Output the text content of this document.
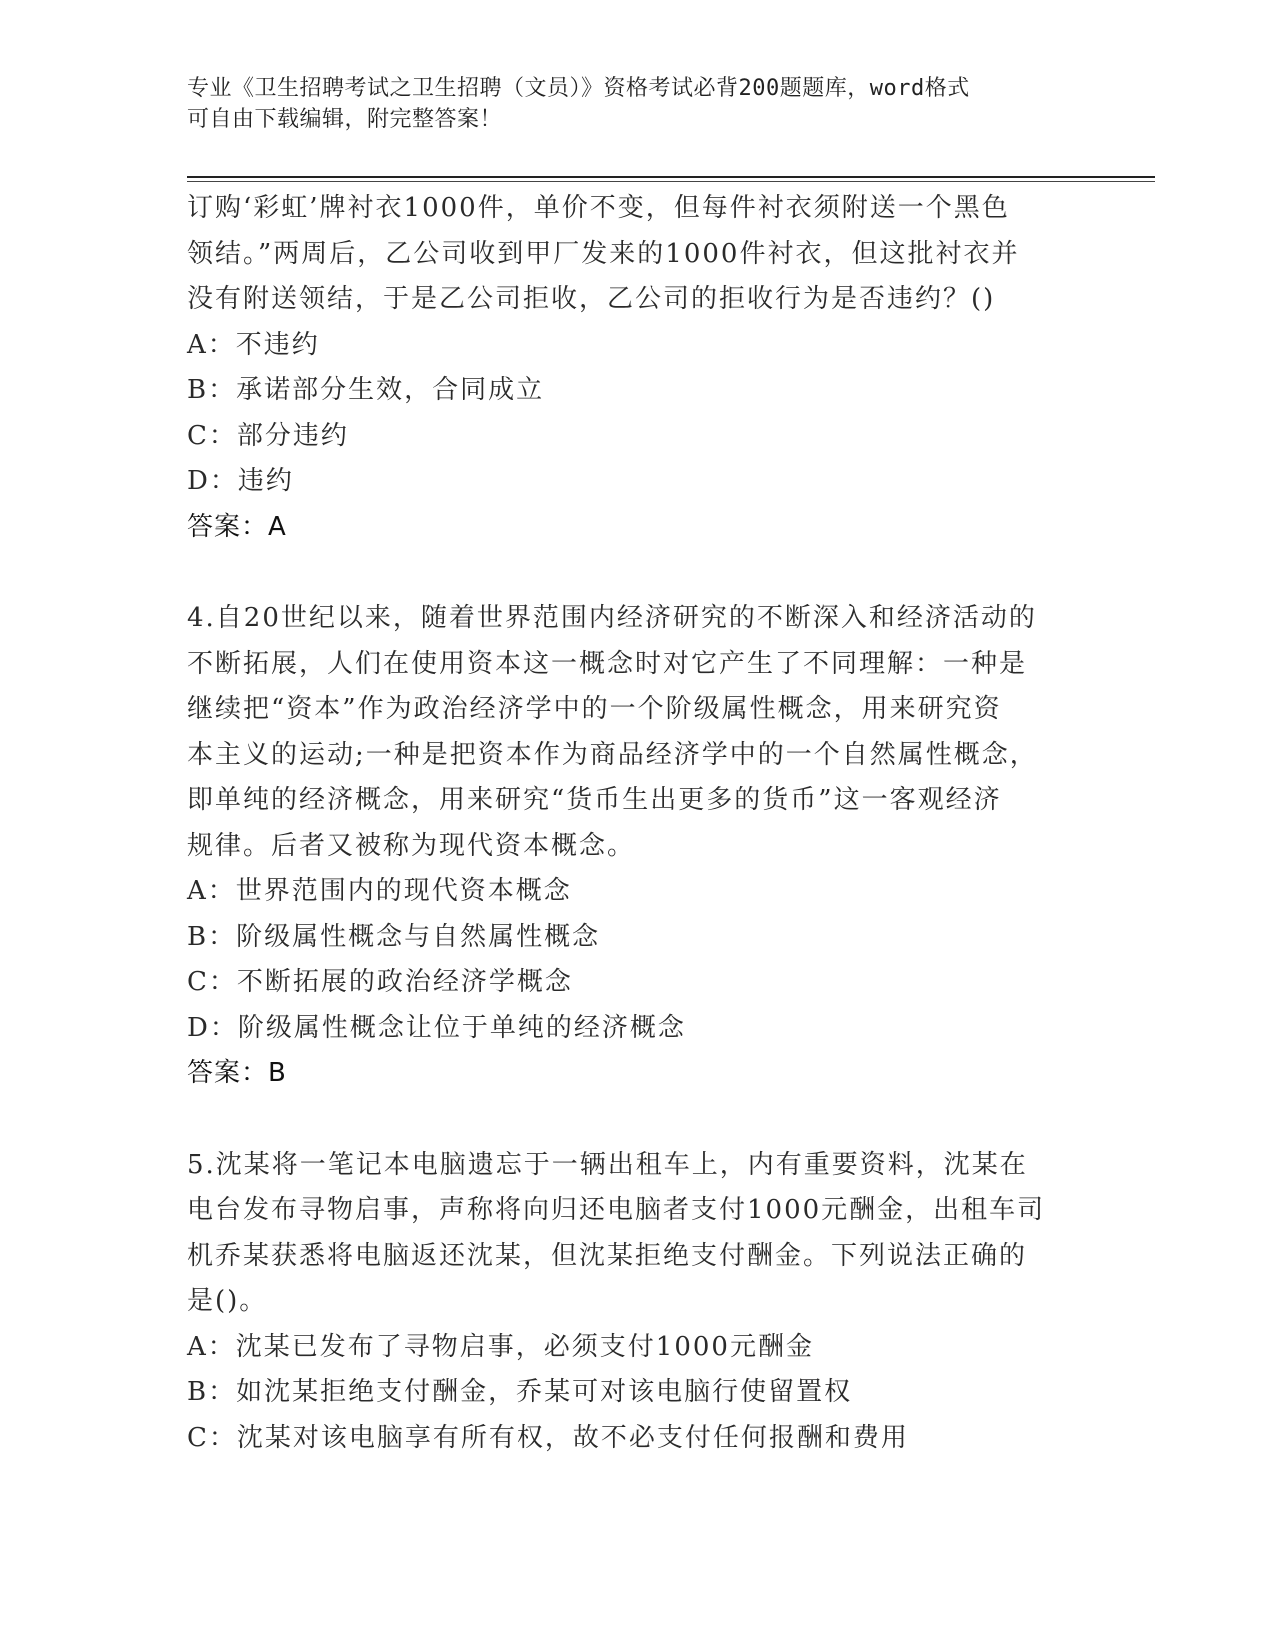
专业《卫生招聘考试之卫生招聘（文员）》资格考试必背200题题库，word格式
可自由下载编辑，附完整答案！
订购‘彩虹’牌衬衣1000件，单价不变，但每件衬衣须附送一个黑色
领结。”两周后，乙公司收到甲厂发来的1000件衬衣，但这批衬衣并
没有附送领结，于是乙公司拒收，乙公司的拒收行为是否违约？()
A：不违约
B：承诺部分生效，合同成立
C：部分违约
D：违约
答案：A
4.自20世纪以来，随着世界范围内经济研究的不断深入和经济活动的
不断拓展，人们在使用资本这一概念时对它产生了不同理解：一种是
继续把“资本”作为政治经济学中的一个阶级属性概念，用来研究资
本主义的运动;一种是把资本作为商品经济学中的一个自然属性概念，
即单纯的经济概念，用来研究“货币生出更多的货币”这一客观经济
规律。后者又被称为现代资本概念。
A：世界范围内的现代资本概念
B：阶级属性概念与自然属性概念
C：不断拓展的政治经济学概念
D：阶级属性概念让位于单纯的经济概念
答案：B
5.沈某将一笔记本电脑遗忘于一辆出租车上，内有重要资料，沈某在
电台发布寻物启事，声称将向归还电脑者支付1000元酬金，出租车司
机乔某获悉将电脑返还沈某，但沈某拒绝支付酬金。下列说法正确的
是()。
A：沈某已发布了寻物启事，必须支付1000元酬金
B：如沈某拒绝支付酬金，乔某可对该电脑行使留置权
C：沈某对该电脑享有所有权，故不必支付任何报酬和费用
